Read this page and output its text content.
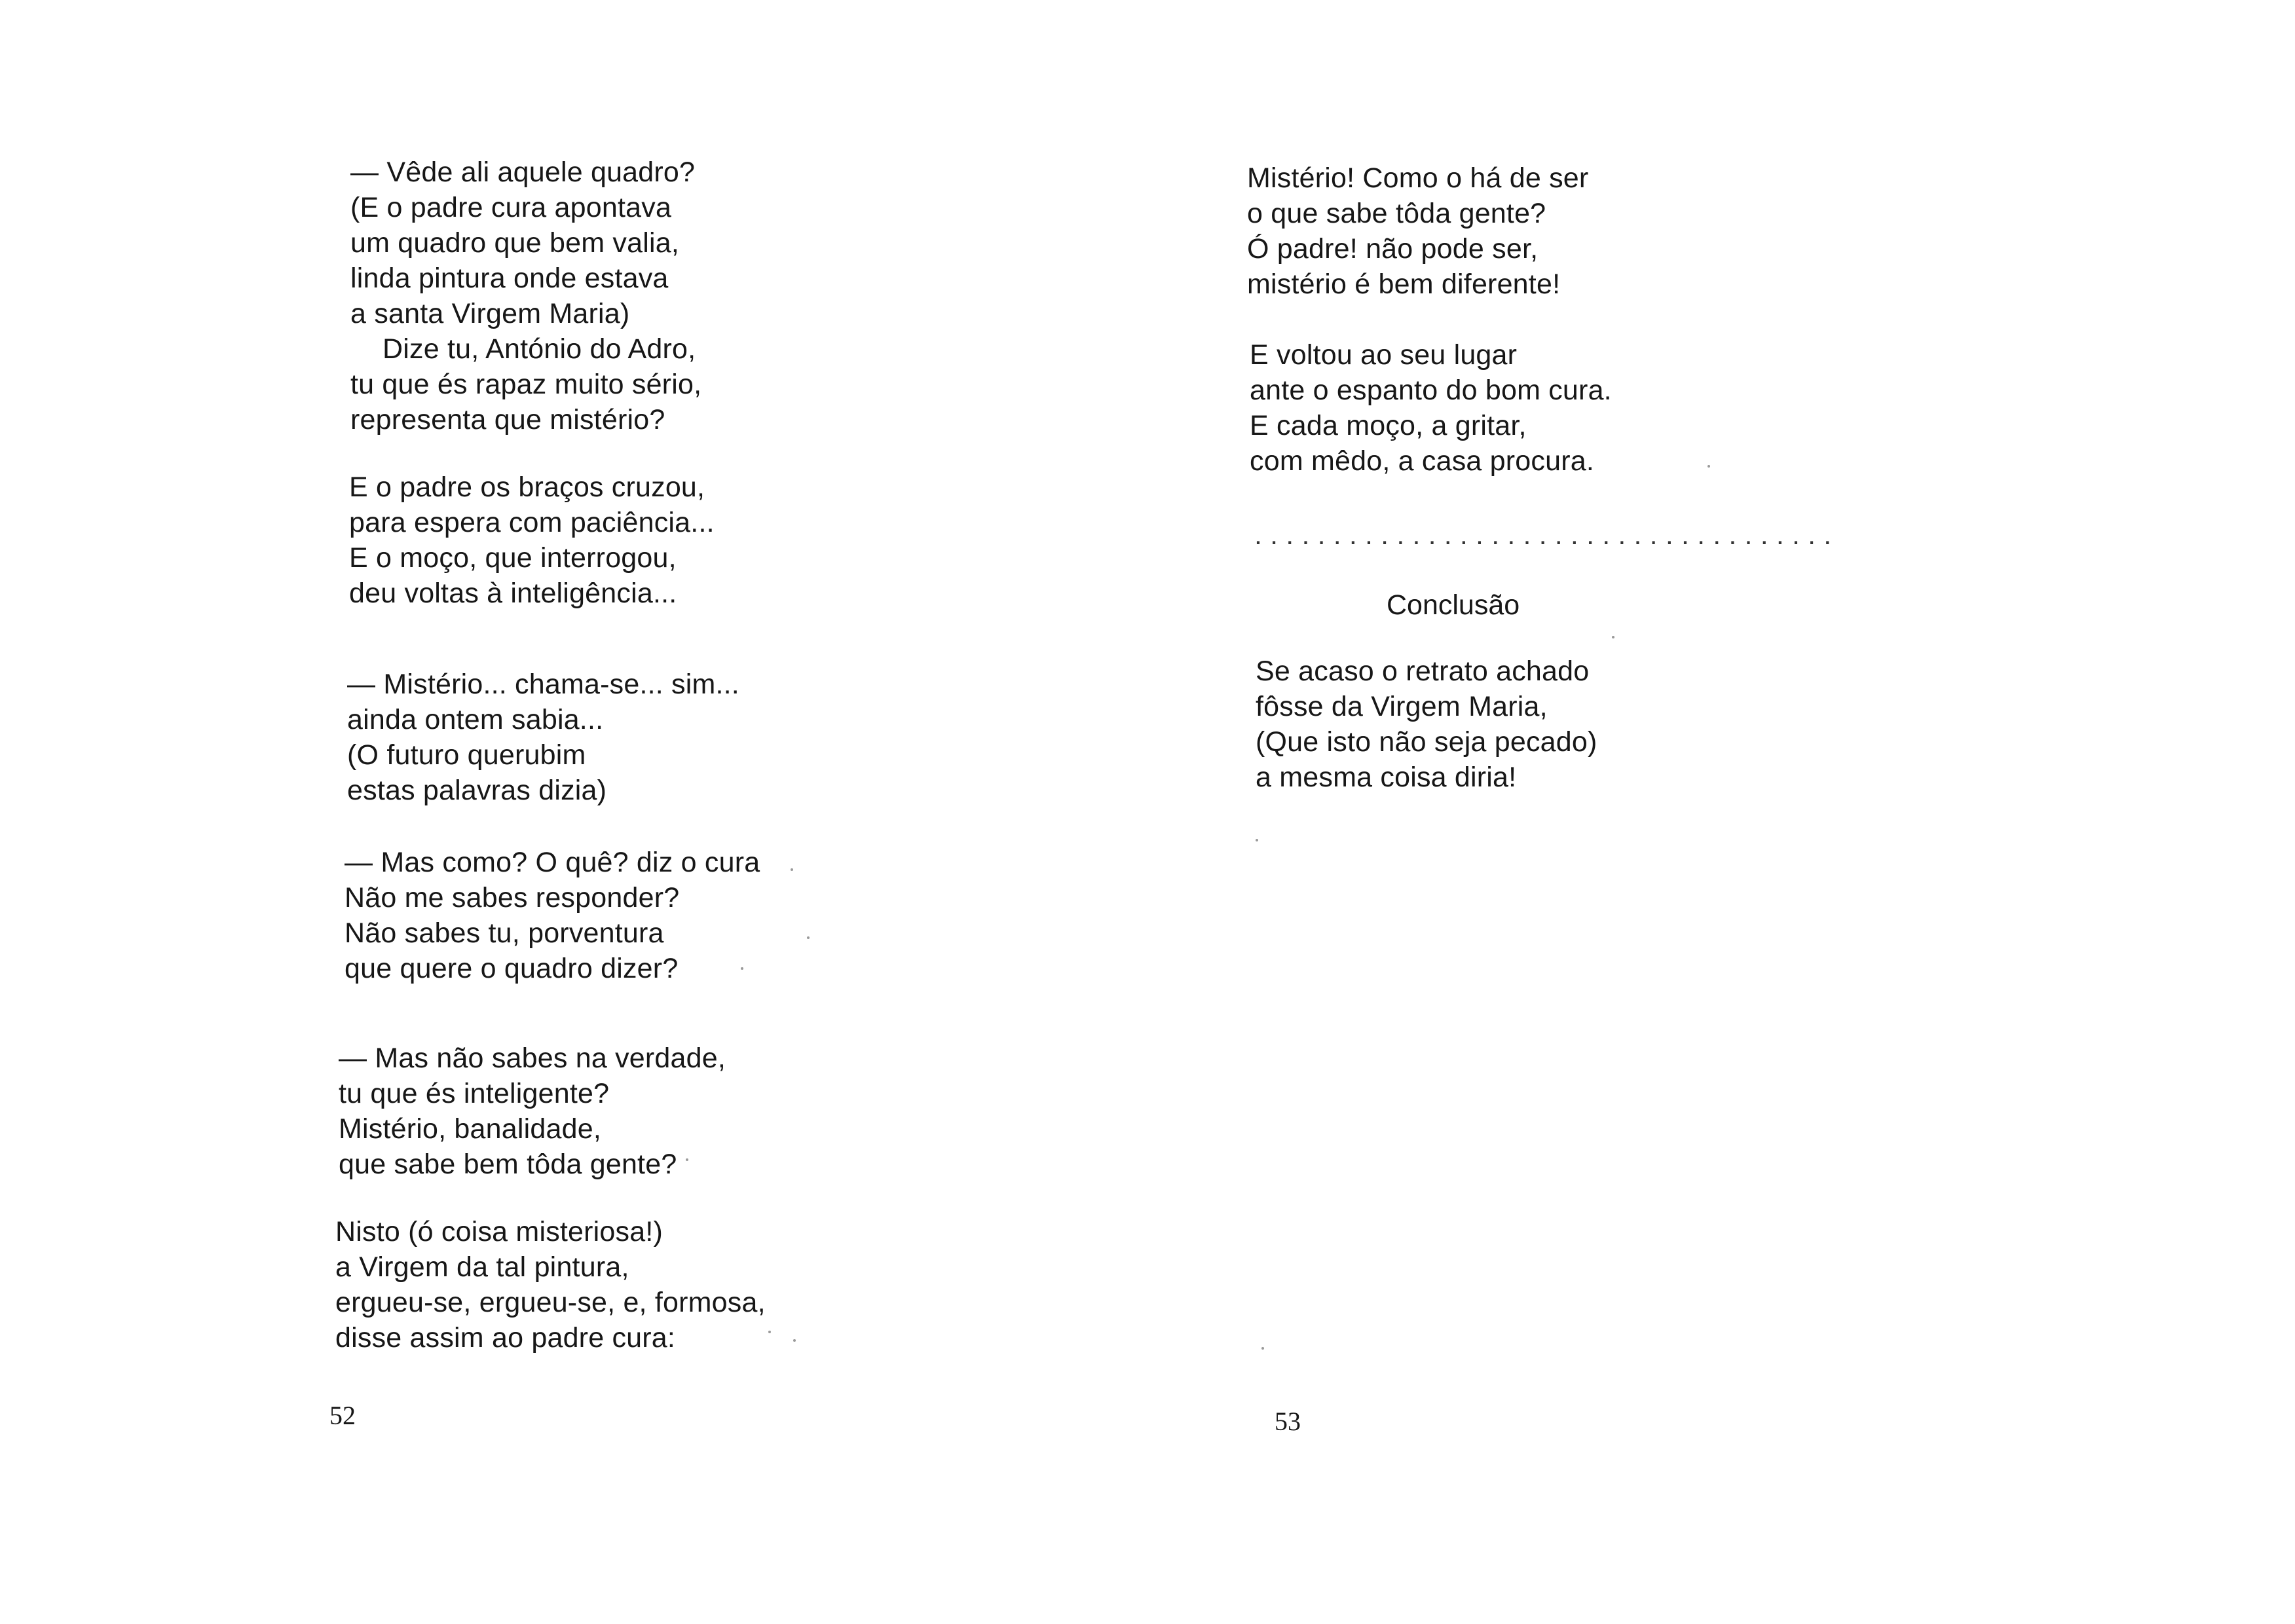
— Vêde ali aquele quadro?
(E o padre cura apontava
um quadro que bem valia,
linda pintura onde estava
a santa Virgem Maria)
Dize tu, António do Adro,
tu que és rapaz muito sério,
representa que mistério?
E o padre os braços cruzou,
para espera com paciência...
E o moço, que interrogou,
deu voltas à inteligência...
— Mistério... chama-se... sim...
ainda ontem sabia...
(O futuro querubim
estas palavras dizia)
— Mas como? O quê? diz o cura
Não me sabes responder?
Não sabes tu, porventura
que quere o quadro dizer?
— Mas não sabes na verdade,
tu que és inteligente?
Mistério, banalidade,
que sabe bem tôda gente?
Nisto (ó coisa misteriosa!)
a Virgem da tal pintura,
ergueu-se, ergueu-se, e, formosa,
disse assim ao padre cura:
52
Mistério! Como o há de ser
o que sabe tôda gente?
Ó padre! não pode ser,
mistério é bem diferente!
E voltou ao seu lugar
ante o espanto do bom cura.
E cada moço, a gritar,
com mêdo, a casa procura.
.....................................
Conclusão
Se acaso o retrato achado
fôsse da Virgem Maria,
(Que isto não seja pecado)
a mesma coisa diria!
53
